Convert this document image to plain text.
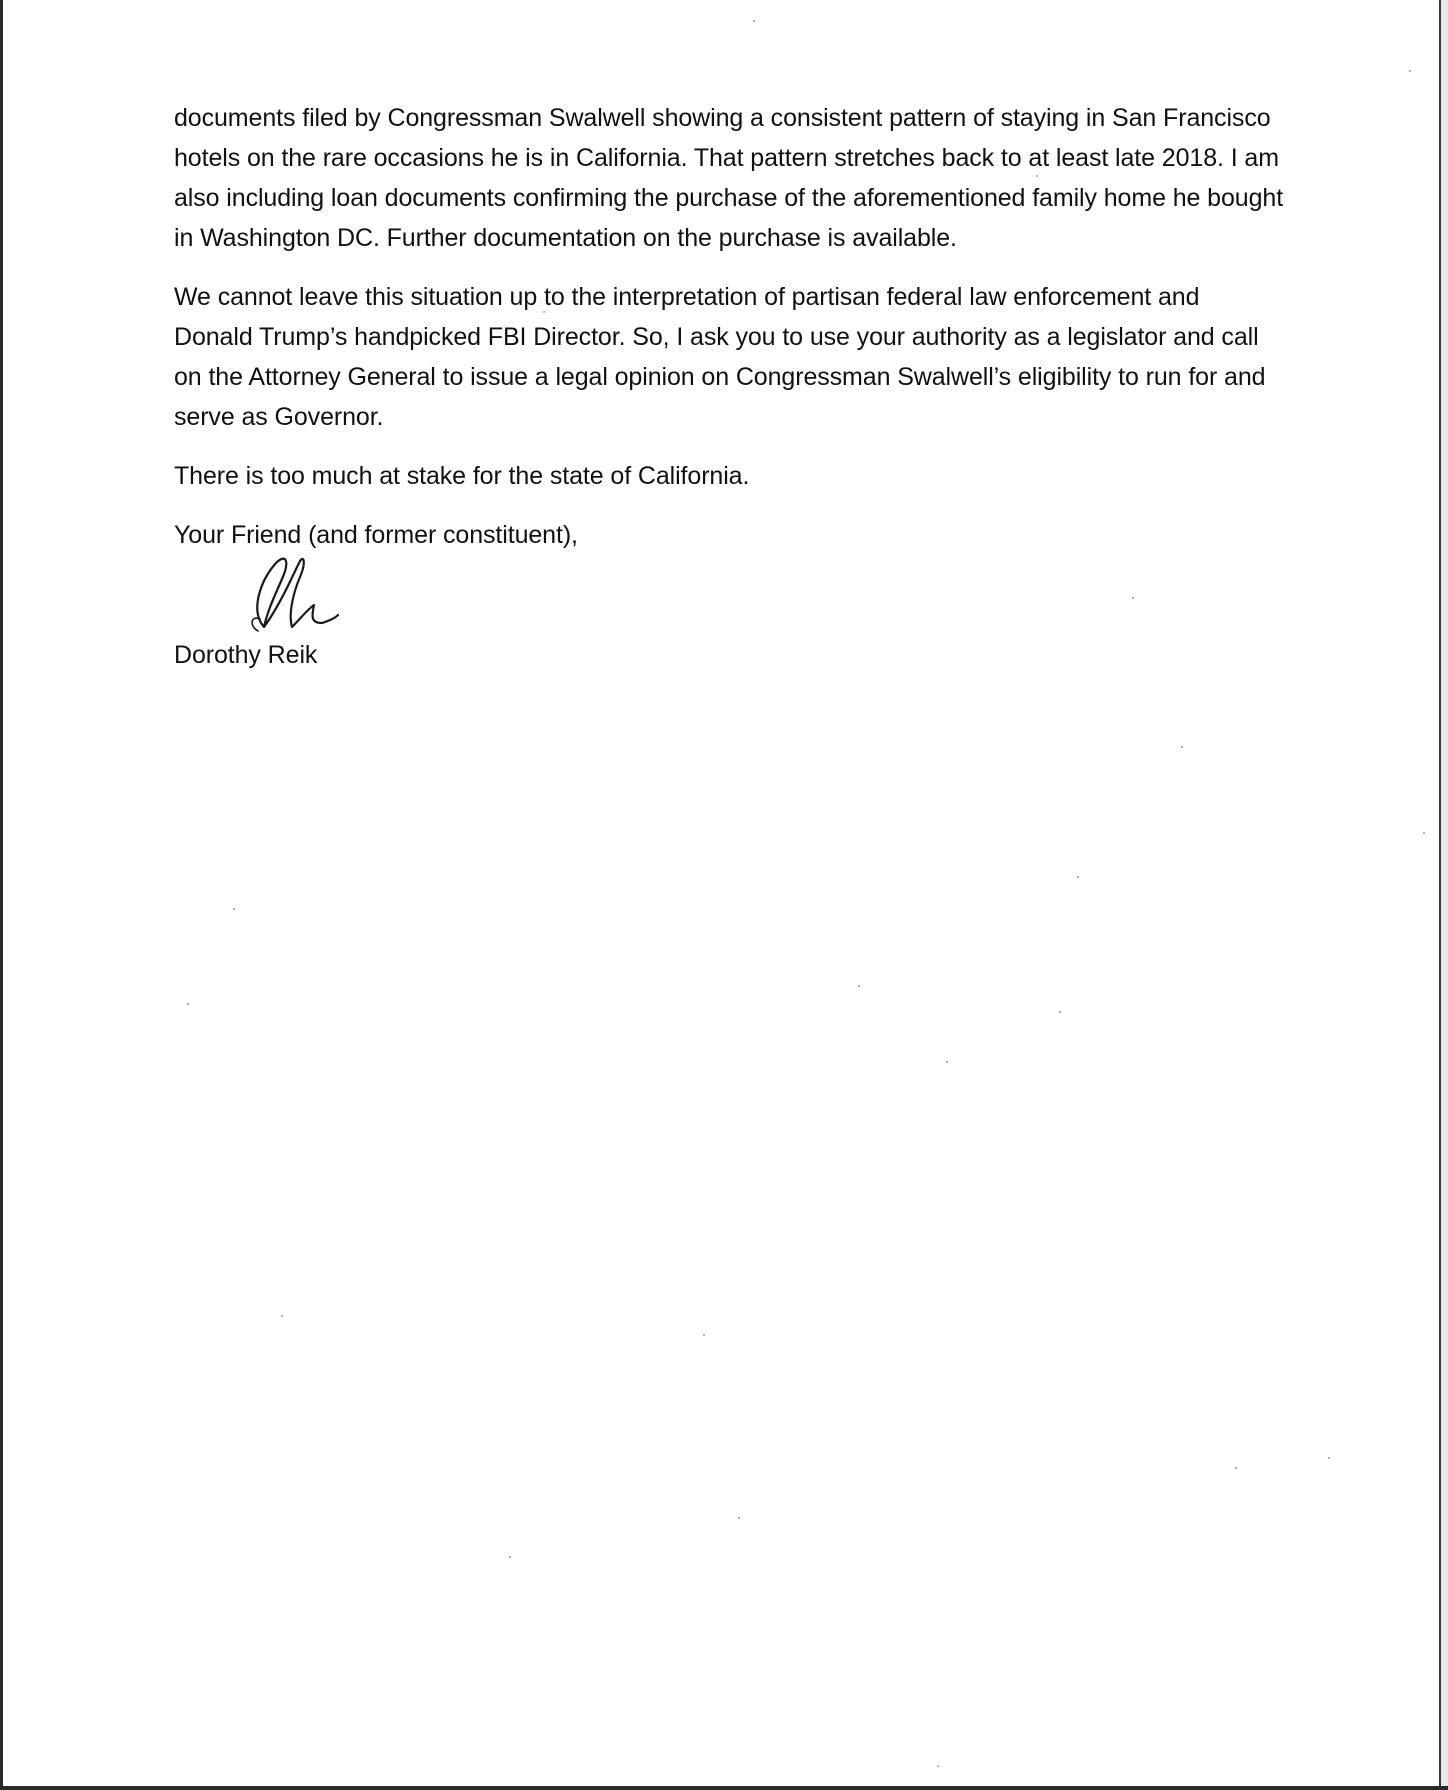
documents filed by Congressman Swalwell showing a consistent pattern of staying in San Francisco hotels on the rare occasions he is in California. That pattern stretches back to at least late 2018. I am also including loan documents confirming the purchase of the aforementioned family home he bought in Washington DC. Further documentation on the purchase is available.

We cannot leave this situation up to the interpretation of partisan federal law enforcement and Donald Trump’s handpicked FBI Director. So, I ask you to use your authority as a legislator and call on the Attorney General to issue a legal opinion on Congressman Swalwell’s eligibility to run for and serve as Governor.

There is too much at stake for the state of California.

Your Friend (and former constituent),

Dorothy Reik
